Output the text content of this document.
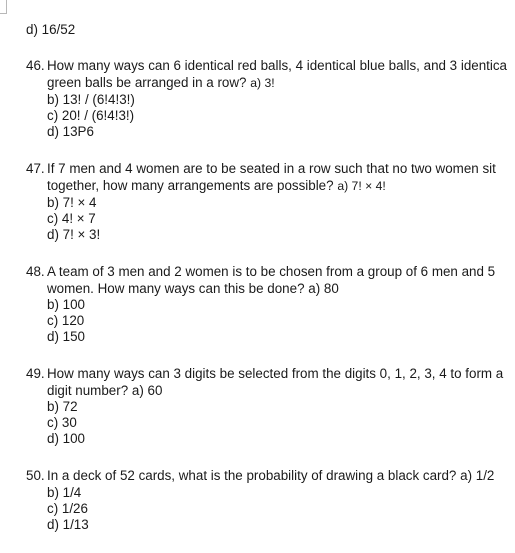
d) 16/52
46. How many ways can 6 identical red balls, 4 identical blue balls, and 3 identica
green balls be arranged in a row? a) 3!
b) 13! / (6!4!3!)
c) 20! / (6!4!3!)
d) 13P6
47. If 7 men and 4 women are to be seated in a row such that no two women sit
together, how many arrangements are possible? a) 7! × 4!
b) 7! × 4
c) 4! × 7
d) 7! × 3!
48. A team of 3 men and 2 women is to be chosen from a group of 6 men and 5
women. How many ways can this be done? a) 80
b) 100
c) 120
d) 150
49. How many ways can 3 digits be selected from the digits 0, 1, 2, 3, 4 to form a
digit number? a) 60
b) 72
c) 30
d) 100
50. In a deck of 52 cards, what is the probability of drawing a black card? a) 1/2
b) 1/4
c) 1/26
d) 1/13
